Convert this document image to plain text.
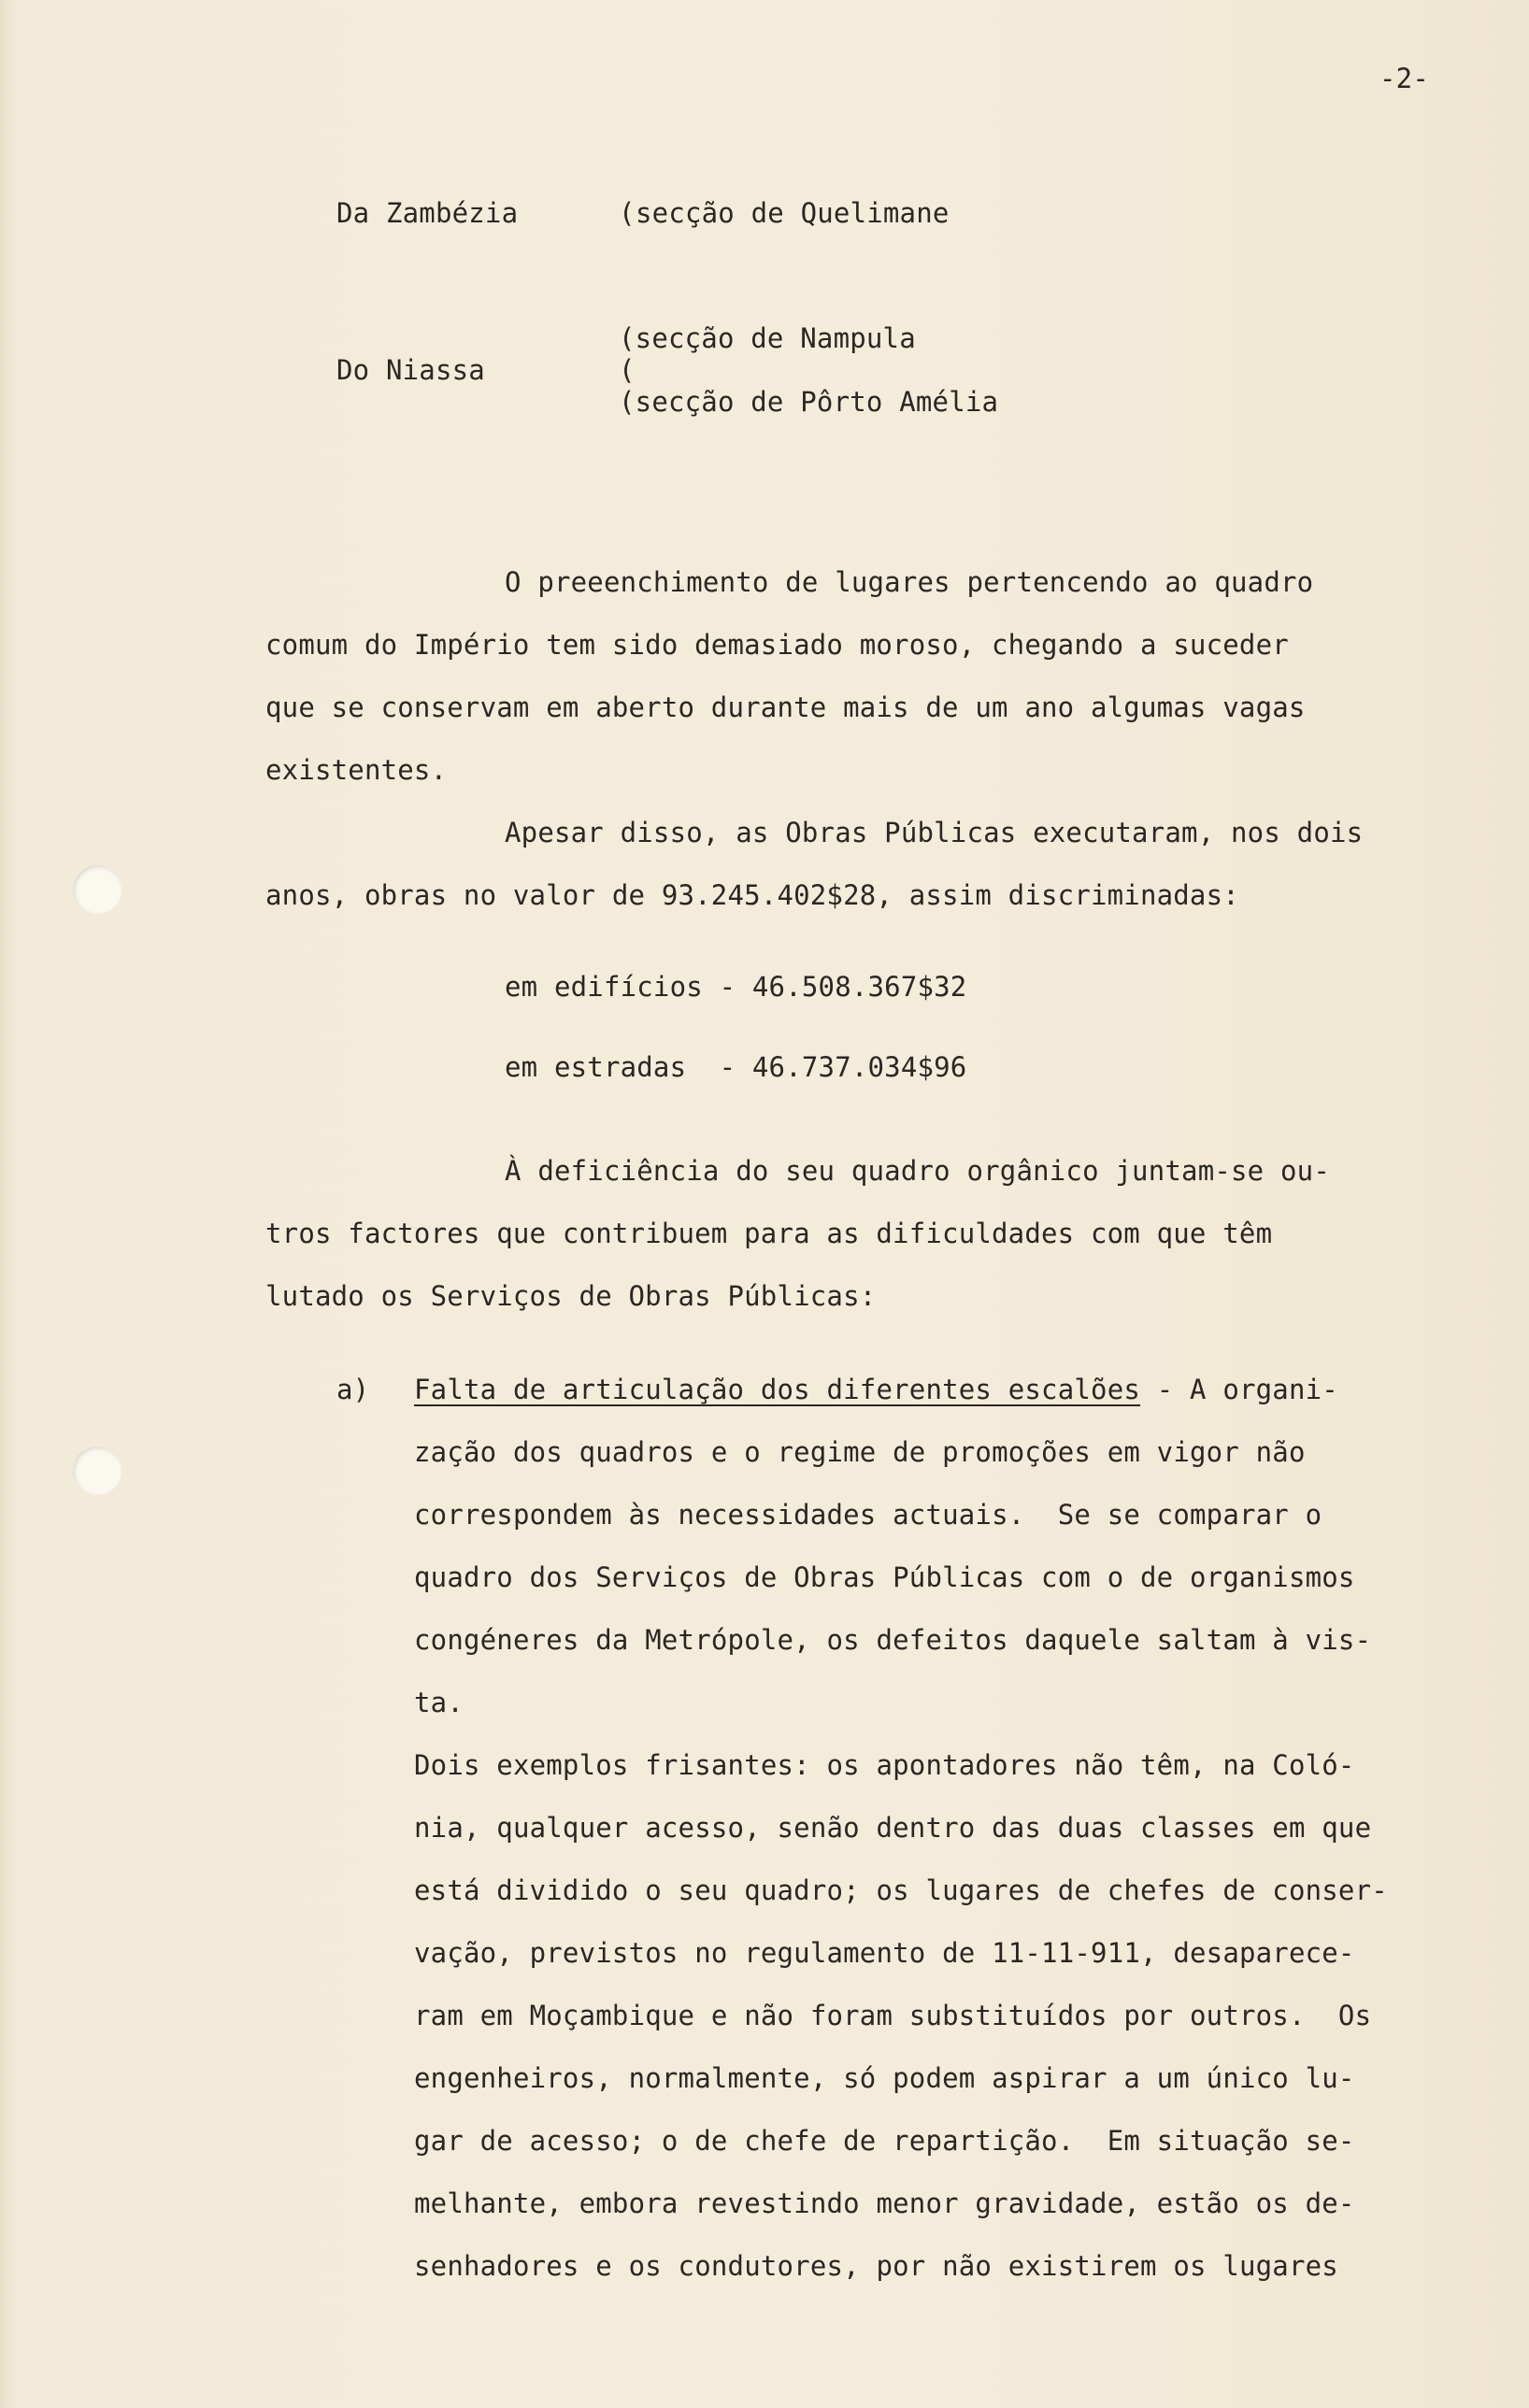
-2-
Da Zambézia	( secção de Quelimane
(secção de Nampula
Do Niassa	(
(secção de Pôrto Amélia
O preeenchimento de lugares pertencendo ao quadro
comum do Império tem sido demasiado moroso, chegando a suceder
que se conservam em aberto durante mais de um ano algumas vagas
existentes.
Apesar disso, as Obras Públicas executaram, nos dois
anos, obras no valor de 93.245.402$28, assim discriminadas:
em edifícios - 46.508.367$32
em estradas  - 46.737.034$96
À deficiência do seu quadro orgânico juntam-se ou-
tros factores que contribuem para as dificuldades com que têm
lutado os Serviços de Obras Públicas:
a) Falta de articulação dos diferentes escalões - A organi-
zação dos quadros e o regime de promoções em vigor não
correspondem às necessidades actuais.  Se se comparar o
quadro dos Serviços de Obras Públicas com o de organismos
congéneres da Metrópole, os defeitos daquele saltam à vis-
ta.
Dois exemplos frisantes: os apontadores não têm, na Coló-
nia, qualquer acesso, senão dentro das duas classes em que
está dividido o seu quadro; os lugares de chefes de conser-
vação, previstos no regulamento de 11-11-911, desaparece-
ram em Moçambique e não foram substituídos por outros.  Os
engenheiros, normalmente, só podem aspirar a um único lu-
gar de acesso; o de chefe de repartição.  Em situação se-
melhante, embora revestindo menor gravidade, estão os de-
senhadores e os condutores, por não existirem os lugares
